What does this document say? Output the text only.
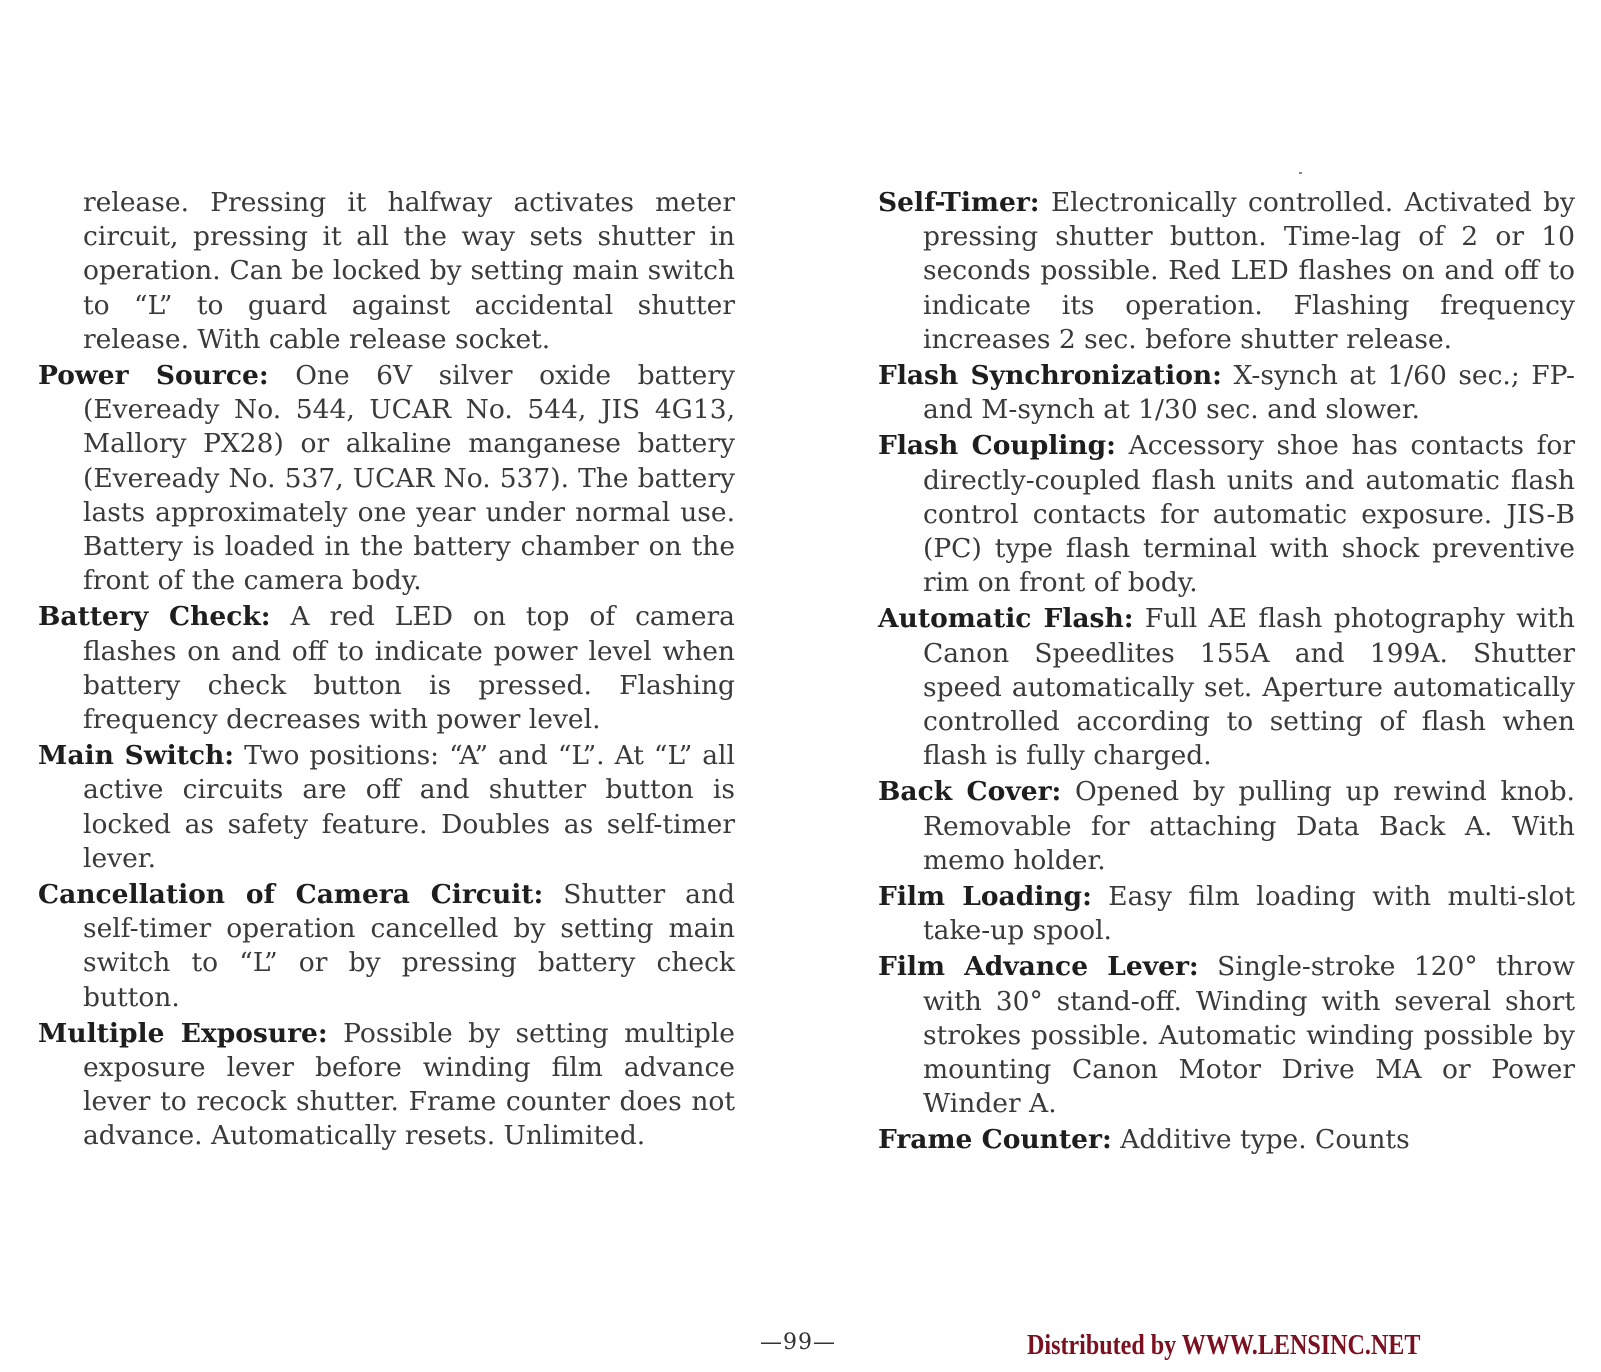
release. Pressing it halfway activates meter circuit, pressing it all the way sets shutter in operation. Can be locked by setting main switch to “L” to guard against accidental shutter release. With cable release socket.

Power Source: One 6V silver oxide battery (Eveready No. 544, UCAR No. 544, JIS 4G13, Mallory PX28) or alkaline manganese battery (Eveready No. 537, UCAR No. 537). The battery lasts approximately one year under normal use. Battery is loaded in the battery chamber on the front of the camera body.

Battery Check: A red LED on top of camera flashes on and off to indicate power level when battery check button is pressed. Flashing frequency decreases with power level.

Main Switch: Two positions: “A” and “L”. At “L” all active circuits are off and shutter button is locked as safety feature. Doubles as self-timer lever.

Cancellation of Camera Circuit: Shutter and self-timer operation cancelled by setting main switch to “L” or by pressing battery check button.

Multiple Exposure: Possible by setting multiple exposure lever before winding film advance lever to recock shutter. Frame counter does not advance. Automatically resets. Unlimited.

Self-Timer: Electronically controlled. Activated by pressing shutter button. Time-lag of 2 or 10 seconds possible. Red LED flashes on and off to indicate its operation. Flashing frequency increases 2 sec. before shutter release.

Flash Synchronization: X-synch at 1/60 sec.; FP- and M-synch at 1/30 sec. and slower.

Flash Coupling: Accessory shoe has contacts for directly-coupled flash units and automatic flash control contacts for automatic exposure. JIS-B (PC) type flash terminal with shock preventive rim on front of body.

Automatic Flash: Full AE flash photography with Canon Speedlites 155A and 199A. Shutter speed automatically set. Aperture automatically controlled according to setting of flash when flash is fully charged.

Back Cover: Opened by pulling up rewind knob. Removable for attaching Data Back A. With memo holder.

Film Loading: Easy film loading with multi-slot take-up spool.

Film Advance Lever: Single-stroke 120° throw with 30° stand-off. Winding with several short strokes possible. Automatic winding possible by mounting Canon Motor Drive MA or Power Winder A.

Frame Counter: Additive type. Counts

—99—	Distributed by WWW.LENSINC.NET
